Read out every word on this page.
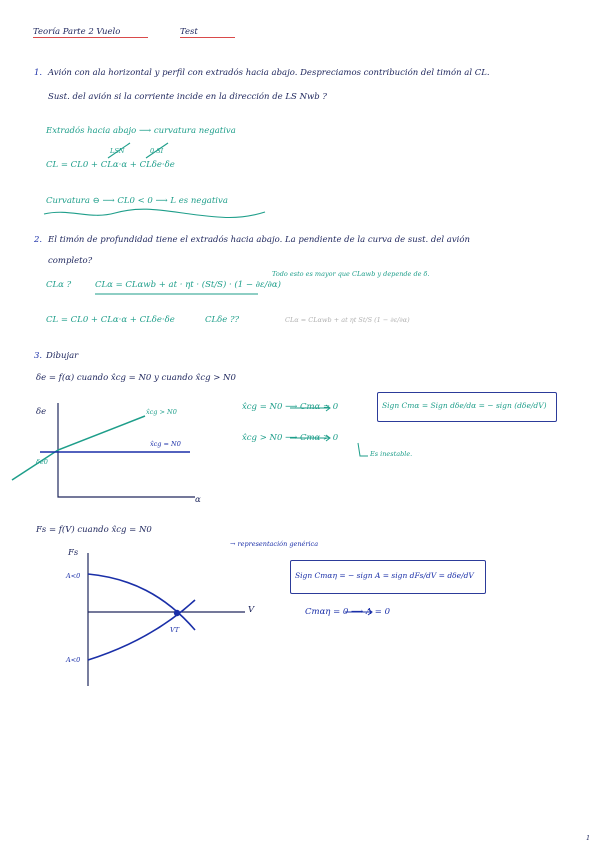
Teoría Parte 2 Vuelo	Test
1. Avión con ala horizontal y perfil con extradós hacia abajo. Despreciamos contribución del timón al CL.
Sust. del avión si la corriente incide en la dirección de LS Nwb ?
Extradós hacia abajo ⟶ curvatura negativa
LSN	0 SI
CL = CL0 + CLα·α + CLδe·δe
Curvatura ⊖ ⟶ CL0 < 0 ⟶ L es negativa
2. El timón de profundidad tiene el extradós hacia abajo. La pendiente de la curva de sust. del avión
completo?
CLα ?	CLα = CLαwb + at · ηt · (St/S) · (1 − ∂ε/∂α)
Todo esto es mayor que CLαwb y depende de δ.
CL = CL0 + CLα·α + CLδe·δe	CLδe ??	CLα = CLαwb + at ηt St/S (1 − ∂ε/∂α)
3. Dibujar
δe = f(α) cuando x̂cg = N0 y cuando x̂cg > N0
δe
α
x̂cg > N0
x̂cg = N0
δe0
x̂cg = N0 ⟶ Cmα = 0
x̂cg > N0 ⟶ Cmα > 0
Es inestable.
Sign Cmα = Sign dδe/dα = − sign (dδe/dV)
Fs = f(V) cuando x̂cg = N0
Fs
V
A<0
A<0
VT
→ representación genérica
Sign Cmαη = − sign A = sign dFs/dV = dδe/dV
Cmαη = 0 ⟶ A = 0
1
